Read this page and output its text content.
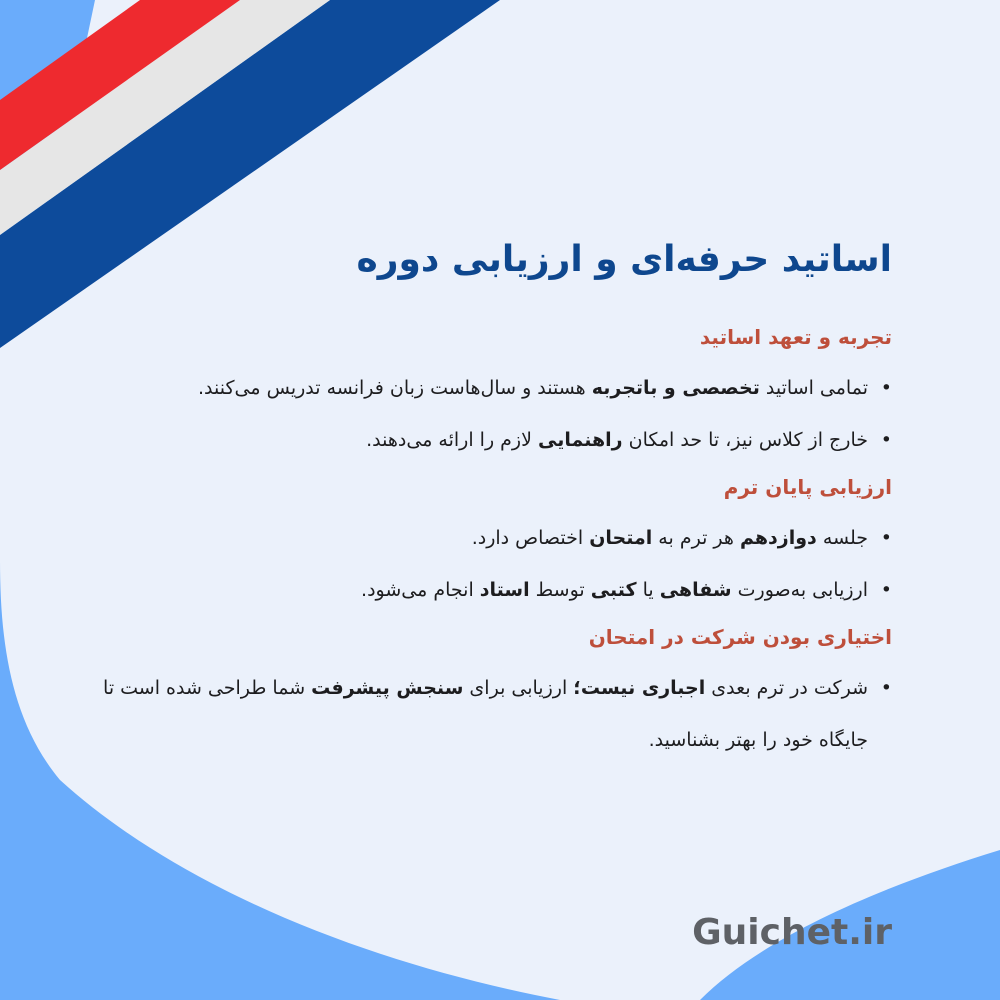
اساتید حرفه‌ای و ارزیابی دوره
تجربه و تعهد اساتید
•
تمامی اساتید تخصصی و باتجربه هستند و سال‌هاست زبان فرانسه تدریس می‌کنند.
•
خارج از کلاس نیز، تا حد امکان راهنمایی لازم را ارائه می‌دهند.
ارزیابی پایان ترم
•
جلسه دوازدهم هر ترم به امتحان اختصاص دارد.
•
ارزیابی به‌صورت شفاهی یا کتبی توسط استاد انجام می‌شود.
اختیاری بودن شرکت در امتحان
•
شرکت در ترم بعدی اجباری نیست؛ ارزیابی برای سنجش پیشرفت شما طراحی شده است تا جایگاه خود را بهتر بشناسید.
Guichet.ir
